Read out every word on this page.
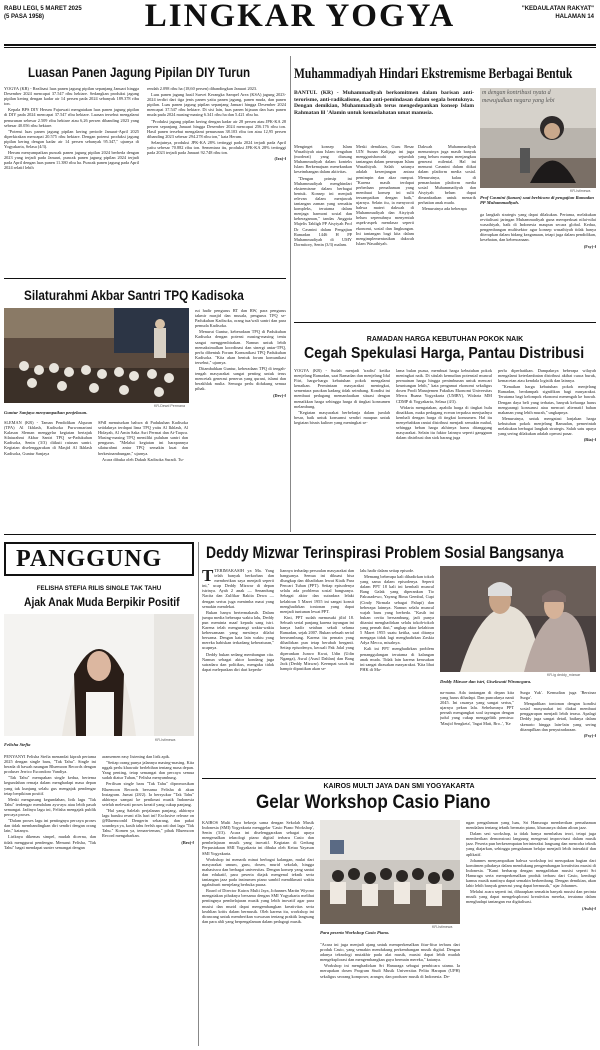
RABU LEGI, 5 MARET 2025
(5 PASA 1958)	LINGKAR YOGYA	"KEDAULATAN RAKYAT"
HALAMAN 14
Luasan Panen Jagung Pipilan DIY Turun

YOGYA (KR) - Realisasi luas panen jagung pipilan sepanjang Januari hingga Desember 2024 mencapai 37.547 ribu hektare. Sedangkan produksi jagung pipilan kering dengan kadar air 14 persen pada 2024 sebanyak 189.378 ribu ton.

Kepala BPS DIY Herum Fajarwati mengatakan luas panen jagung pipilan di DIY pada 2024 mencapai 37.547 ribu hektare. Luasan tersebut mengalami penurunan sebesar 2.509 ribu hektare atau 6,26 persen dibanding 2023 yang sebesar 40.056 ribu hektare.

"Potensi luas panen jagung pipilan kering periode Januari-April 2025 diperkirakan mencapai 20.575 ribu hektare. Dengan potensi produksi jagung pipilan kering dengan kadar air 14 persen sebanyak 95.347," ujarnya di Yogyakarta, Selasa (4/3).

Herum menyampaikan puncak panen jagung pipilan 2024 berbeda dengan 2023 yang terjadi pada Januari, puncak panen jagung pipilan 2024 terjadi pada April dengan luas panen 11.380 ribu ha. Puncak panen jagung pada April 2024 relatif lebih

rendah 2.098 ribu ha (18,60 persen) dibandingkan Januari 2023.

Luas panen jagung hasil Survei Kerangka Sampel Area (KSA) jagung 2023-2024 terdiri dari tiga jenis panen yaitu panen jagung, panen muda, dan panen pipilan. Luas panen jagung pipilan sepanjang Januari hingga Desember 2024 mencapai 37.547 ribu hektare. Di sisi lain, luas panen hijauan dan luas panen muda pada 2024 masing-masing 6.341 ribu ha dan 5.421 ribu ha.

"Produksi jagung pipilan kering dengan kadar air 28 persen atau JPK-KA 28 persen sepanjang Januari hingga Desember 2024 mencapai 256.176 ribu ton. Hasil panen tersebut mengalami penurunan 38.103 ribu ton atau 12,95 persen dibanding 2023 sebesar 294.278 ribu ton," kata Herum.

Selanjutnya, produksi JPK-KA 28% tertinggi pada 2024 terjadi pada April yaitu sebesar 70.882 ribu ton. Sementara itu, produksi JPK-KA 28% tertinggi pada 2023 terjadi pada Januari 92.748 ribu ton.

(Ira)-f

Silaturahmi Akbar Santri TPQ Kadisoka
KR-Dewd Permana
Guntur Sanjaya menyampaikan penjelasan.

SLEMAN (KR) - Taman Pendidikan Alquran (TPA) Al Ikhlash, Kadisoka Purwomartani Kalasan Sleman menggelar kegiatan bertajuk Silaturahmi Akbar Santri TPQ se-Padukuhan Kadisoka, Senin (3/3) diikuti ratusan santri. Kegiatan diselenggarakan di Masjid Al Ikhlash Kadisoka, Guntur Sanjaya

SPdI menuturkan bahwa di Padukuhan Kadisoka setidaknya terdapat lima TPQ yaitu Al Ikhlash, Al Hidayah, Al Amin Saka Asri Permai dan At-Taqwa. Masing-masing TPQ memiliki puluhan santri dan pengurus. "Melalui kegiatan ini harapannya silaturahmi antar TPQ semakin kuat dan berkesinambungan," ujarnya.

Acara dibuka oleh Dukuh Kadisoka Suradi. Tu-

rut hadir pengurus RT dan RW, para pengurus takmir masjid dan musala, pengurus TPQ se-Padukuhan Kadisoka, orang tua/wali santri dan para pemuda Kadisoka.

Menurut Guntur, keberadaan TPQ di Padukuhan Kadisoka dengan potensi masing-masing tentu sangat menggembirakan. Namun untuk lebih memaksimalkan koordinasi dan sinergi antar-TPQ, perlu dibentuk Forum Komunikasi TPQ Padukuhan Kadisoka. "Kita akan bentuk forum komunikasi tersebut," ujarnya.

Ditambahkan Guntur, keberadaan TPQ di tengah-tengah masyarakat sangat penting untuk terus mencetak generasi penerus yang qurani, islami dan berakhlak mulia. Semoga perlu didukung semua pihak.

(Dev)-f

Muhammadiyah Hindari Ekstremisme Berbagai Bentuk

BANTUL (KR) - Muhammadiyah berkomitmen dalam barisan anti-terorisme, anti-radikalisme, dan anti-pemindasan dalam segala bentuknya. Dengan demikian, Muhammadiyah terus mengedepankan konsep Islam Rahmatan lil 'Alamin untuk kemaslahatan umat manusia.

m dengan kontribusi nyata d
mewujudkan negara yang lebi
KR-Istimewa
Prof Casmini (kanan) saat berbicara di pengajian Ramadan PP Muhammadiyah.

Menginget konsep Islam Wasathiyah atau Islam tengahan (moderat) yang diusung Muhammadiyah dalam konteks Islam Berkemajuan menekankan keseimbangan dalam aktivitas.

"Dengan prinsip ini Muhammadiyah menghindari ekstremisme dalam berbagai bentuk. Konsep ini menjadi relevan dalam menjawab tantangan zaman yang semakin kompleks, terutama dalam menjaga harmoni sosial dan keberagaman," tandas Anggota Majelis Tabligh PP Aisyiyah Prof Dr Casmini dalam Pengajian Ramadan 1446 H PP Muhammadiyah di UMY Dormitory, Senin (3/3) malam.

Meski demikian, Guru Besar UIN Sunan Kalijaga ini juga menggarisbawahi sejumlah tantangan dalam penerapan Islam Wasathiyah. Salah satunya adalah kesenjangan antara pemimpin dan akar rumput. "Karena masih terdapat perbedaan pemahaman yang membuat konsep ini sulit tersampaikan dengan baik," ujarnya. Selain itu, ia menyoroti bahwa materi dakwah di Muhammadiyah dan Aisyiyah belum sepenuhnya menyentuh aspek-aspek mendasar seperti ekonomi, sosial dan lingkungan. Ini tantangan bagi kita dalam mengimplementasikan dakwah Islam Wasathiyah.

Dakwah Muhammadiyah menurutnya juga masih banyak yang belum mampu menjangkau generasi milenial. Hal ini menurut Casmini dalam diikat dalam platform media sosial. Menurutnya, kalau di pemanfaatan platform media sosial Muhammadiyah dan Aisyiyah belum dapat dimanfaatkan untuk menarik perhatian anak muda.

Menurutnya ada beberapa

ga langkah strategis yang dapat dilakukan. Pertama, melakukan revitalisasi jaringan Muhammadiyah guna memperkuat nilai-nilai wasathiyah, baik di Indonesia maupun secara global. Kedua, pengembangan multisektor agar konsep wasathiyah tidak hanya diterapkan dalam bidang keagamaan, tetapi juga dalam pendidikan, kesehatan, dan kebencanaan.

(Fsy)-f

RAMADAN HARGA KEBUTUHAN POKOK NAIK
Cegah Spekulasi Harga, Pantau Distribusi

YOGYA (KR) - Sudah menjadi 'tradisi' ketika menjelang Ramadan, saat Ramadan dan menjelang Idul Fitri, harga-harga kebutuhan pokok mengalami kenaikan. Permintaan masyarakat meningkat, sementara pasokan kadang tidak seimbang. Kondisi ini membuat pedagang memanfaatkan situasi dengan menaikkan harga sehingga harga di tingkat konsumen melambung.

"Kegiatan masyarakat berbelanja dalam jumlah besar, baik untuk konsumsi sendiri maupun untuk kegiatan bisnis kuliner yang meningkat se-

lama bulan puasa, membuat harga kebutuhan pokok meningkat naik. Di situlah kemudian potensial muncul permainan harga hingga penimbunan untuk mencari keuntungan lebih," kata pengamat ekonomi sekaligus dosen Prodi Manajemen Fakultas Ekonomi Universitas Mercu Buana Yogyakarta (UMBY), Widarta MM CDMP di Yogyakarta, Selasa (4/3).

Widarta mengatakan, apabila harga di tingkat hulu dinaikkan, maka pedagang eceran terpaksa menjualnya kembali dengan harga di tingkat konsumen. Hal itu menyebabkan rantai distribusi menjadi semakin mahal, sehingga beban harga akhirnya harus ditanggung masyarakat. Selain itu faktor lainnya seperti gangguan dalam distribusi dan stok barang juga

perlu diperhatikan. Dampaknya beberapa wilayah mengalami keterlambatan distribusi akibat cuaca buruk, kemacetan atau kendala logistik dan lainnya.

"Kenaikan harga kebutuhan pokok menjelang Ramadan, berdampak signifikan bagi masyarakat. Terutama bagi kelompok ekonomi menengah ke bawah. Dengan daya beli yang terbatas, banyak keluarga harus mengurangi konsumsi atau mencari alternatif bahan makanan yang lebih murah," ungkapnya.

Menurutnya, untuk mengatasi lonjakan harga kebutuhan pokok menjelang Ramadan, pemerintah melakukan berbagai langkah strategis. Salah satu upaya yang sering dilakukan adalah operasi pasar.

(Ria)-f

PANGGUNG
FELISHA STEFIA RILIS SINGLE TAK TAHU
Ajak Anak Muda Berpikir Positif
KR-Istimewa
Felisha Stefia

PENYANYI Felisha Stefia menandai kiprah pertama 2025 dengan single baru, "Tak Tahu". Single ini berada di bawah naungan Bluemoon Records dengan produser Jerrico Escondoro Vandiya.

"Tak Tahu" merupakan single kedua, bertema kegundahan remaja dalam menghadapi masa depan yang tak kunjung selalu gus mengajak pendengar tetap berpikiran positif.

Meski mengusung kegundahan, lirik lagu "Tak Tahu" terdengar mendalam ayu-ayu atau lebih pasah semangat. Jadinya lagu ini, Felisha mengajak publik percaya proses.

"Dalam proses lagu ini pentingnya percaya proses dan tidak membandingkan diri sendiri dengan orang lain," katanya.

Liriknya dikemas simpel, mudah dicerna, dan tidak menggurui pendengar. Menurut Felisha, "Tak Tahu" bagai mendapat sunter semangat dengan

aransemen easy listening dan lirik apik.

"Setiap orang punya jalannya masing-masing. Kita nggak perlu khawatir berlebihan tentang masa depan. Yang penting, tetap semangat dan percaya semua sudah diatur Tuhan," Felisha menyambung.

Perilisan single baru "Tak Tahu" dipromosikan Bluemoon Records bersama Felisha di akun Instagram. Jumat (28/2). Ia bersyukur "Tak Tahu" akhirnya sampai ke penikmat musik Indonesia setelah melewati proses kreatif yang cukup panjang.

"Hal yang Salelah perjalanan panjang, akhirnya lagu baruku resmi rilis hari ini! Exclusive release on @Bluemoonld Dengerin sekarang, dan pakai soundnya ya, kasih tahu feelsh apa arti dari lagu "Tak Tahu." Komen ya, teman-teman," pihak Bluemoon Record mengabarkan.

(Bro)-f

Deddy Mizwar Terinspirasi Problem Sosial Bangsanya

TTERIMAKASIH ya Ma. Yang telah banyak berkorban dan memberikan saya menjadi seperti ini," ucap Deddy Mizwar di depan istrinya. Ayah 2 anak — Senandung Nacita dan Zulfikar Rakita Dewa — dengan serius juga menimba maut yang semakin mendekat.

Bukan hanya bertermakasih. Dalam jumpa media beberapa waktu lalu, Deddy pun meminta maaf kepada sang istri. Karena telah mengurangi waktu-waktu kebersamaan yang mestinya dilalui bersama. Dengan kata lain waktu yang mereka habiskan terkadang keberaturan," ucapnya.

Deddy bukan sedang membangun cita. Namun sebagai aktor kondang juga sutradara dan politikus, mengaku tidak dapat melepaskan diri dari kepedu-

liannya terhadap persoalan masyarakat dan bangsanya. Semua ini dikuasi bisa dlungkap dan dihadirkan lewat Kiaik Para Pencari Tuhan (PPT). Setiap episodenya selalu ada problema sosial bangsanya. Sebagai aktor dan sutradara lelaki kelahiran 5 Maret 1955 ini sangat konsit menghadirkan tontonan yang dapat menjadi tuntunan lewat PPT.

Kini, PPT sudah memasuki jilid 18. Sebuah serial panjang karena tayangan ini hanya hadir setahun sekali selama Ramadan, sejak 2007. Bukan sebuah serial berseambung. Karena itu pemain yang dihadirkan pun tetap berubah berganti. Setiap episodenya, kecuali Pak Jalal yang diperankan Junwo Kwat, Udin (Udin Nganga), Asrul (Asrul Dahlan) dan Bang Jack (Deddy Mizwar). Keempat sosok ini hampir dipastikan akan se-

lalu hadir dalam setiap episode.

Memang beberapa kali dihadirkan tokoh yang sama dalam episodenya. Seperti dalam PPT 18 kali ini kembali muncul Bang Galak yang diperankan Tio Pakusadewo, Yayang Bima Gembul, Cupi (Cindy Nirmala sebagai Palupi) dan beberapa lainnya. Namun selalu muncul wajah baru yang berbeda. "Kasih ini bukan cerita bersambung, jadi punya ditantai menghadirkan selalu tokoh-tokoh yang pernah ikut," ungkap aktor kelahiran 5 Maret 1955 suatu ketika, saat ditanya mengapa tidak lagi menghadirkan Zaskia Adya Mecca, misalnya.

Kali ini PPT menghadirkan problem penanggulangan terutama di kalangan anak muda. Tidak lain karena kerusakan ini sangat dirasakan masyarakat. 'Kita lihat PHK di Ma-

KR-ig deddy_mizwar
Deddy Mizwar dan istri, Giselawati Wirancgara.

na-mana. Ada tantangan di depan kita yang harus dihadapi. Dan puncaknya nanti 2045. Ini rasanya yang sangat serius," ujarnya pekan lalu. Sebelumnya PPT pernah mengangkat soal tayangan dengan judul yang cukup menggelitik pemirsa: 'Masjid Sengketa', 'Ingat Mati, Bro..', 'Ke

Surga Yuk'. Kemudian juga 'Bersinar Surga'.

Mengadikan tontonan dengan kondisi sosial masyarakat ini diakui membuat penggarapan menjadi lebih terasa. Apalagi Deddy juga sangat detail, baiknya dalam skenario hingga lain-lain yang sering ditampilkan dan penyutradaraan.

(Fsy)-f

KAIROS MULTI JAYA DAN SMI YOGYAKARTA
Gelar Workshop Casio Piano

KAIROS Multi Jaya bekerja sama dengan Sekolah Musik Indonesia (SMI) Yogyakarta menggelar 'Casio Piano Workshop', Senin (3/3). Acara ini diselenggarakan sebagai upaya mengenalkan teknologi piano digital terbaru Casio dan pembelajaran musik yang inovatif. Kegiatan di Gedung Perpustakaan SMI Yogyakarta ini dibuka oleh Ketua Yayasan SMI Yogyakarta.

Workshop ini menarik minat berbagai kalangan, mulai dari masyarakat umum, guru, dosen, murid sekolah, hingga mahasiswa dan berbagai universitas. Dengan konsep yang santai dan edukatif, para peserta diajak mengenal teknik serta tantangan jazz pada instrumen piano sambil mendikmati waktu ngabuburit menjelang berbuka puasa.

Board of Director Kairos Multi Jaya, Johannes Martin Wiyono mengatakan pihaknya bersama dengan SMI Yogyakarta melihat pentingnya pembelajaran musik yang lebih inovatif agar para musisi dan murid dapat mengembangkan kreativitas serta keahlian kritis dalam bermusik. Oleh karena itu, workshop ini dirancang untuk memberikan wawasan tentang praktik langsung dan para ahli yang berpengalaman dalam pedagogi musik.

KR-Istimewa
Para peserta Workshop Casio Piano.

"Acara ini juga menjadi ajang untuk memperkenalkan fitur-fitur terbaru dari produk Casio, yang semakin mendukung perkembangan musik digital. Dengan adanya teknologi mutakhir pada alat musik, musisi dapat lebih mudah mengeksplorasi dan mengembangkan gaya bermain mereka," katanya.

Workshop ini menghadirkan Sri Hanuraga sebagai pembicara utama. Ia merupakan dosen Program Studi Musik Universitas Pelita Harapan (UPH) sekaligus seorang komposer, aranger, dan produser musik di Indonesia. De-

ngan pengalaman yang luas, Sri Hanuraga memberikan pemahaman mendalam tentang teknik bermain piano, khususnya dalam aliran jazz.

Dalam sesi workshop, ia tidak hanya membahas teori, tetapi juga memberikan demonstrasi langsung mengenai improvisasi dalam musik jazz. Peserta pun berkesempatan berinteraksi langsung dan mencoba teknik yang diajarkan, sehingga pengalaman belajar menjadi lebih interaktif dan aplikatif.

Johannes menyampaikan bahwa workshop ini merupakan bagian dari komitmen pihaknya dalam mendukung pengembangan kreativitas musisi di Indonesia. "Kami berharap dengan mengadirkan musisi seperti Sri Hanuraga serta memperkenalkan produk terbaru dari Casio, kembagi kamus musik nantinya dapat semakin berkembang. Dengan demikian, akan lahir lebih banyak generasi yang dapat bermusik," ujar Johannes.

Melalui acara seperti ini, diharapkan semakin banyak musisi dan pecinta musik yang dapat mengeksplorasi kreativitas mereka, terutama dalam menghadapi tantangan era digitalisasi.

(Awh)-f
